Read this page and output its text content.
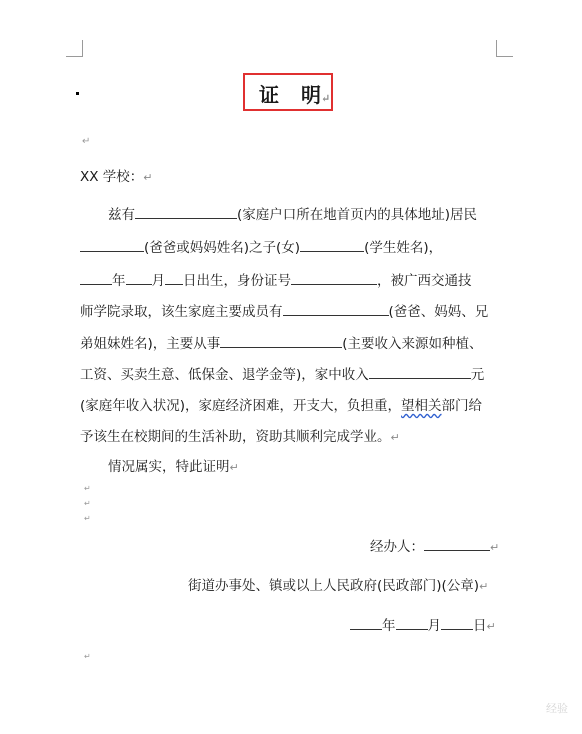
证 明↵
↵
XX 学校：↵
兹有	(家庭户口所在地首页内的具体地址)居民
(爸爸或妈妈姓名)之子(女)	(学生姓名)，
年 月 日出生，身份证号	，被广西交通技
师学院录取，该生家庭主要成员有	(爸爸、妈妈、兄
弟姐妹姓名)，主要从事	(主要收入来源如种植、
工资、买卖生意、低保金、退学金等)，家中收入	元
(家庭年收入状况)，家庭经济困难，开支大，负担重，望相关部门给
予该生在校期间的生活补助，资助其顺利完成学业。↵
情况属实，特此证明↵
↵
↵
↵
经办人：	↵
街道办事处、镇或以上人民政府(民政部门)(公章)↵
年 月 日↵
↵
经验
